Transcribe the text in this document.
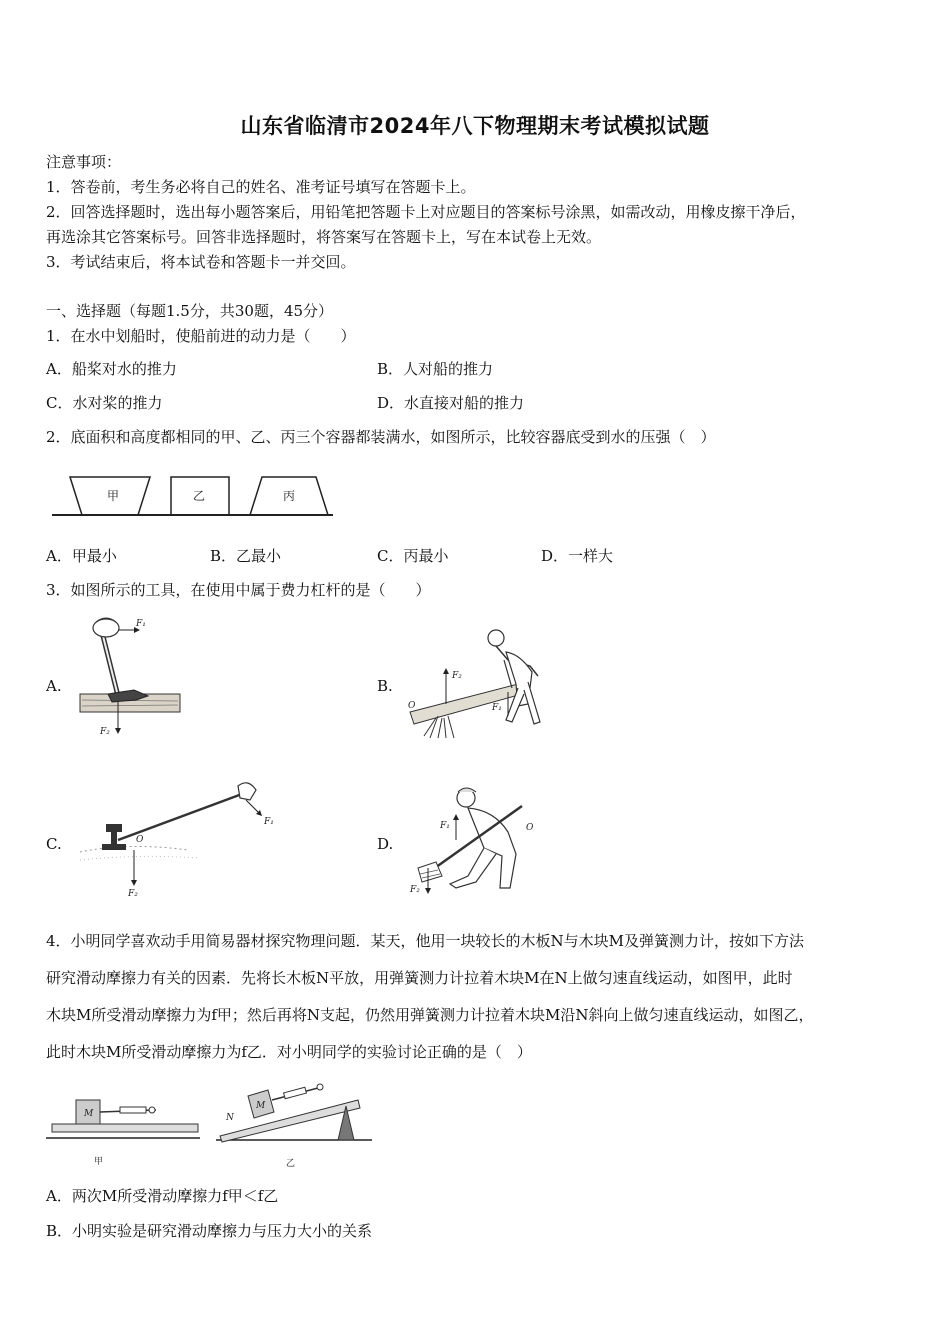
山东省临清市2024年八下物理期末考试模拟试题
注意事项：
1．答卷前，考生务必将自己的姓名、准考证号填写在答题卡上。
2．回答选择题时，选出每小题答案后，用铅笔把答题卡上对应题目的答案标号涂黑，如需改动，用橡皮擦干净后，
再选涂其它答案标号。回答非选择题时，将答案写在答题卡上，写在本试卷上无效。
3．考试结束后，将本试卷和答题卡一并交回。
一、选择题（每题1.5分，共30题，45分）
1．在水中划船时，使船前进的动力是（　　）
A．船桨对水的推力	B．人对船的推力
C．水对桨的推力	D．水直接对船的推力
2．底面积和高度都相同的甲、乙、丙三个容器都装满水，如图所示，比较容器底受到水的压强（　）
甲	乙	丙
A．甲最小	B．乙最小	C．丙最小	D．一样大
3．如图所示的工具，在使用中属于费力杠杆的是（　　）
A.
F₁
F₂
B.
F₂
F₁
O
C.
F₁
F₂
O	D.
F₁
F₂
O
4．小明同学喜欢动手用简易器材探究物理问题．某天，他用一块较长的木板N与木块M及弹簧测力计，按如下方法
研究滑动摩擦力有关的因素．先将长木板N平放，用弹簧测力计拉着木块M在N上做匀速直线运动，如图甲，此时
木块M所受滑动摩擦力为f甲；然后再将N支起，仍然用弹簧测力计拉着木块M沿N斜向上做匀速直线运动，如图乙，
此时木块M所受滑动摩擦力为f乙．对小明同学的实验讨论正确的是（　）
M
甲
M
N
乙
A．两次M所受滑动摩擦力f甲＜f乙
B．小明实验是研究滑动摩擦力与压力大小的关系
